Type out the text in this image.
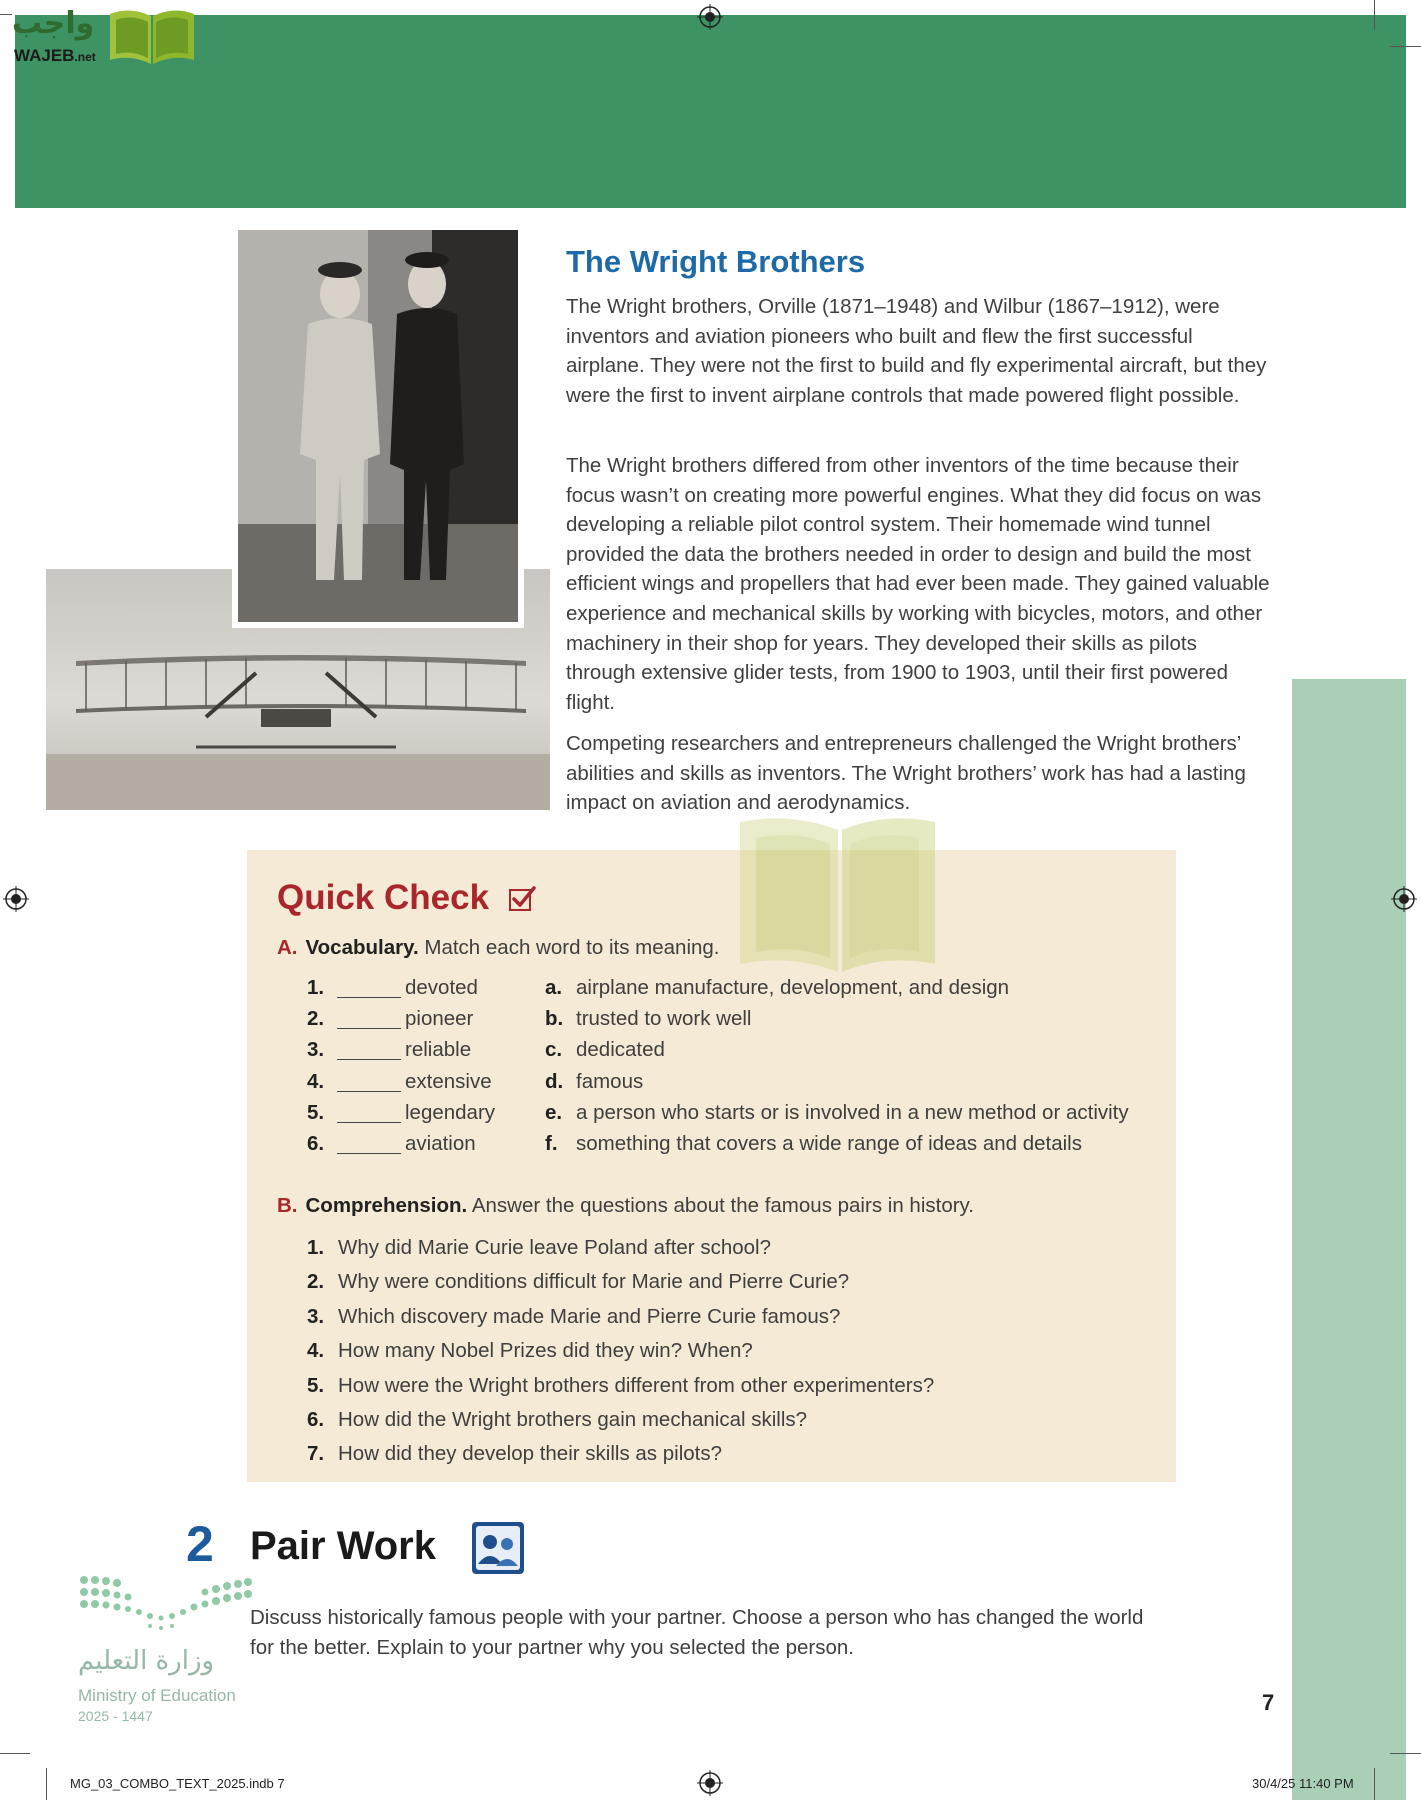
واجب
WAJEB.net
The Wright Brothers

The Wright brothers, Orville (1871–1948) and Wilbur (1867–1912), were inventors and aviation pioneers who built and flew the first successful airplane. They were not the first to build and fly experimental aircraft, but they were the first to invent airplane controls that made powered flight possible.

The Wright brothers differed from other inventors of the time because their focus wasn’t on creating more powerful engines. What they did focus on was developing a reliable pilot control system. Their homemade wind tunnel provided the data the brothers needed in order to design and build the most efficient wings and propellers that had ever been made. They gained valuable experience and mechanical skills by working with bicycles, motors, and other machinery in their shop for years. They developed their skills as pilots through extensive glider tests, from 1900 to 1903, until their first powered flight.

Competing researchers and entrepreneurs challenged the Wright brothers’ abilities and skills as inventors. The Wright brothers’ work has had a lasting impact on aviation and aerodynamics.

Quick Check
A. Vocabulary. Match each word to its meaning.
1.	devoted	a. airplane manufacture, development, and design
2.	pioneer	b. trusted to work well
3.	reliable	c. dedicated
4.	extensive	d. famous
5.	legendary e. a person who starts or is involved in a new method or activity
6.	aviation	f. something that covers a wide range of ideas and details
B. Comprehension. Answer the questions about the famous pairs in history.
1. Why did Marie Curie leave Poland after school?
2. Why were conditions difficult for Marie and Pierre Curie?
3. Which discovery made Marie and Pierre Curie famous?
4. How many Nobel Prizes did they win? When?
5. How were the Wright brothers different from other experimenters?
6. How did the Wright brothers gain mechanical skills?
7. How did they develop their skills as pilots?
2 Pair Work

Discuss historically famous people with your partner. Choose a person who has changed the world for the better. Explain to your partner why you selected the person.

وزارة التعليم
Ministry of Education
2025 - 1447
7
MG_03_COMBO_TEXT_2025.indb 7	30/4/25 11:40 PM
